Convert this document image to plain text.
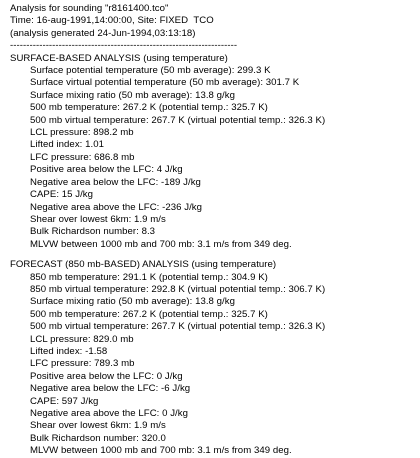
Analysis for sounding "r8161400.tco"
Time: 16-aug-1991,14:00:00, Site: FIXED  TCO
(analysis generated 24-Jun-1994,03:13:18)
----------------------------------------------------------------------
SURFACE-BASED ANALYSIS (using temperature)
Surface potential temperature (50 mb average): 299.3 K
Surface virtual potential temperature (50 mb average): 301.7 K
Surface mixing ratio (50 mb average): 13.8 g/kg
500 mb temperature: 267.2 K (potential temp.: 325.7 K)
500 mb virtual temperature: 267.7 K (virtual potential temp.: 326.3 K)
LCL pressure: 898.2 mb
Lifted index: 1.01
LFC pressure: 686.8 mb
Positive area below the LFC: 4 J/kg
Negative area below the LFC: -189 J/kg
CAPE: 15 J/kg
Negative area above the LFC: -236 J/kg
Shear over lowest 6km: 1.9 m/s
Bulk Richardson number: 8.3
MLVW between 1000 mb and 700 mb: 3.1 m/s from 349 deg.
FORECAST (850 mb-BASED) ANALYSIS (using temperature)
850 mb temperature: 291.1 K (potential temp.: 304.9 K)
850 mb virtual temperature: 292.8 K (virtual potential temp.: 306.7 K)
Surface mixing ratio (50 mb average): 13.8 g/kg
500 mb temperature: 267.2 K (potential temp.: 325.7 K)
500 mb virtual temperature: 267.7 K (virtual potential temp.: 326.3 K)
LCL pressure: 829.0 mb
Lifted index: -1.58
LFC pressure: 789.3 mb
Positive area below the LFC: 0 J/kg
Negative area below the LFC: -6 J/kg
CAPE: 597 J/kg
Negative area above the LFC: 0 J/kg
Shear over lowest 6km: 1.9 m/s
Bulk Richardson number: 320.0
MLVW between 1000 mb and 700 mb: 3.1 m/s from 349 deg.
